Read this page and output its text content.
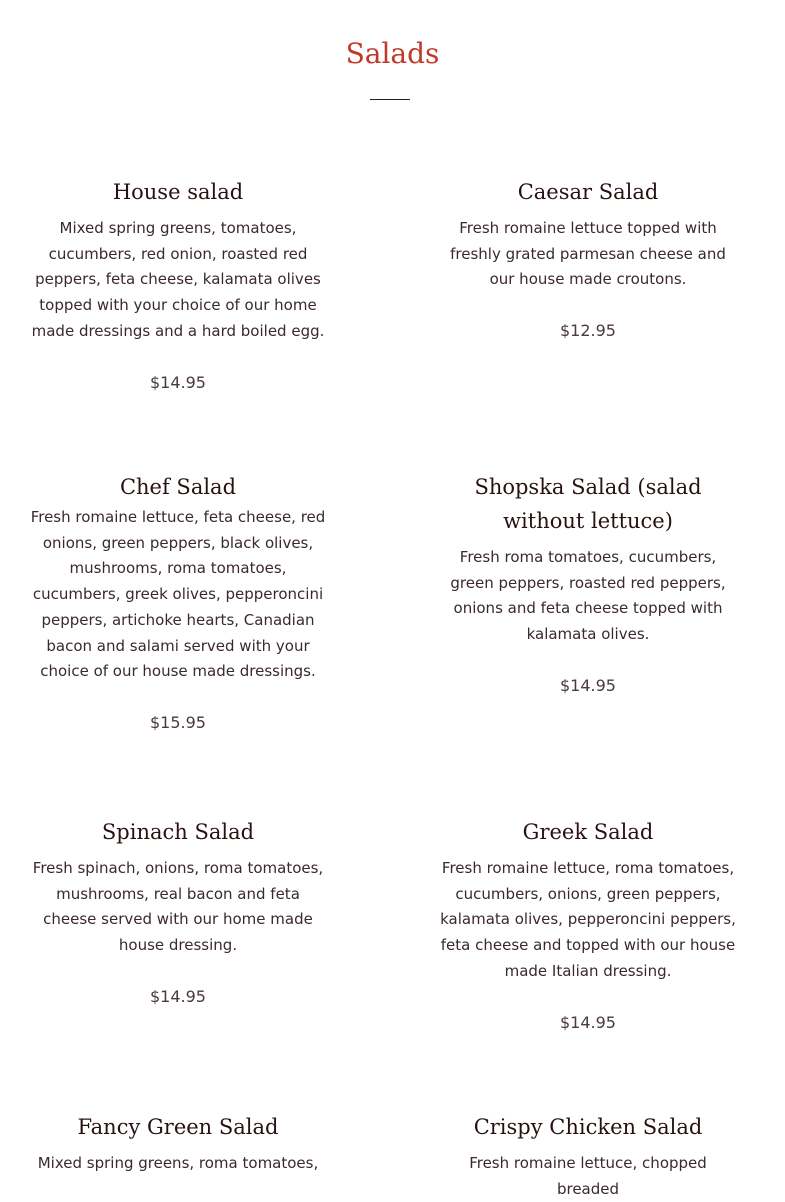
Salads
House salad

Mixed spring greens, tomatoes, cucumbers, red onion, roasted red peppers, feta cheese, kalamata olives topped with your choice of our home made dressings and a hard boiled egg.

$14.95

Caesar Salad

Fresh romaine lettuce topped with freshly grated parmesan cheese and our house made croutons.

$12.95

Chef Salad

Fresh romaine lettuce, feta cheese, red onions, green peppers, black olives, mushrooms, roma tomatoes, cucumbers, greek olives, pepperoncini peppers, artichoke hearts, Canadian bacon and salami served with your choice of our house made dressings.

$15.95

Shopska Salad (salad without lettuce)

Fresh roma tomatoes, cucumbers, green peppers, roasted red peppers, onions and feta cheese topped with kalamata olives.

$14.95

Spinach Salad

Fresh spinach, onions, roma tomatoes, mushrooms, real bacon and feta cheese served with our home made house dressing.

$14.95

Greek Salad

Fresh romaine lettuce, roma tomatoes, cucumbers, onions, green peppers, kalamata olives, pepperoncini peppers, feta cheese and topped with our house made Italian dressing.

$14.95

Fancy Green Salad

Mixed spring greens, roma tomatoes,

Crispy Chicken Salad

Fresh romaine lettuce, chopped breaded
